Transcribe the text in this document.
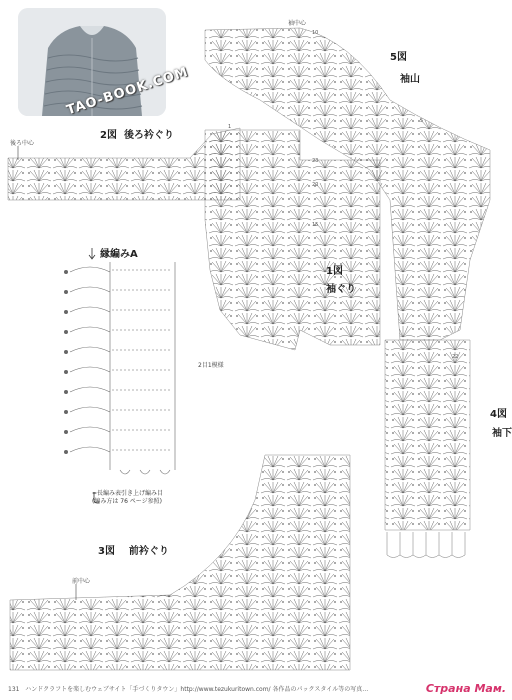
TAO-BOOK.COM
2図 後ろ衿ぐり
後ろ中心
5図
袖山
袖中心
1図
袖ぐり
4図
袖下
3図 前衿ぐり
前中心
縁編みA
2目1模様
=長編み表引き上げ編み目
(編み方は 76 ページ参照)
10
5
1
20
15
23
22
131 ハンドクラフトを楽しむウェブサイト「手づくりタウン」http://www.tezukuritown.com/ 各作品のパックスタイル等の写真…	Страна Мам.
